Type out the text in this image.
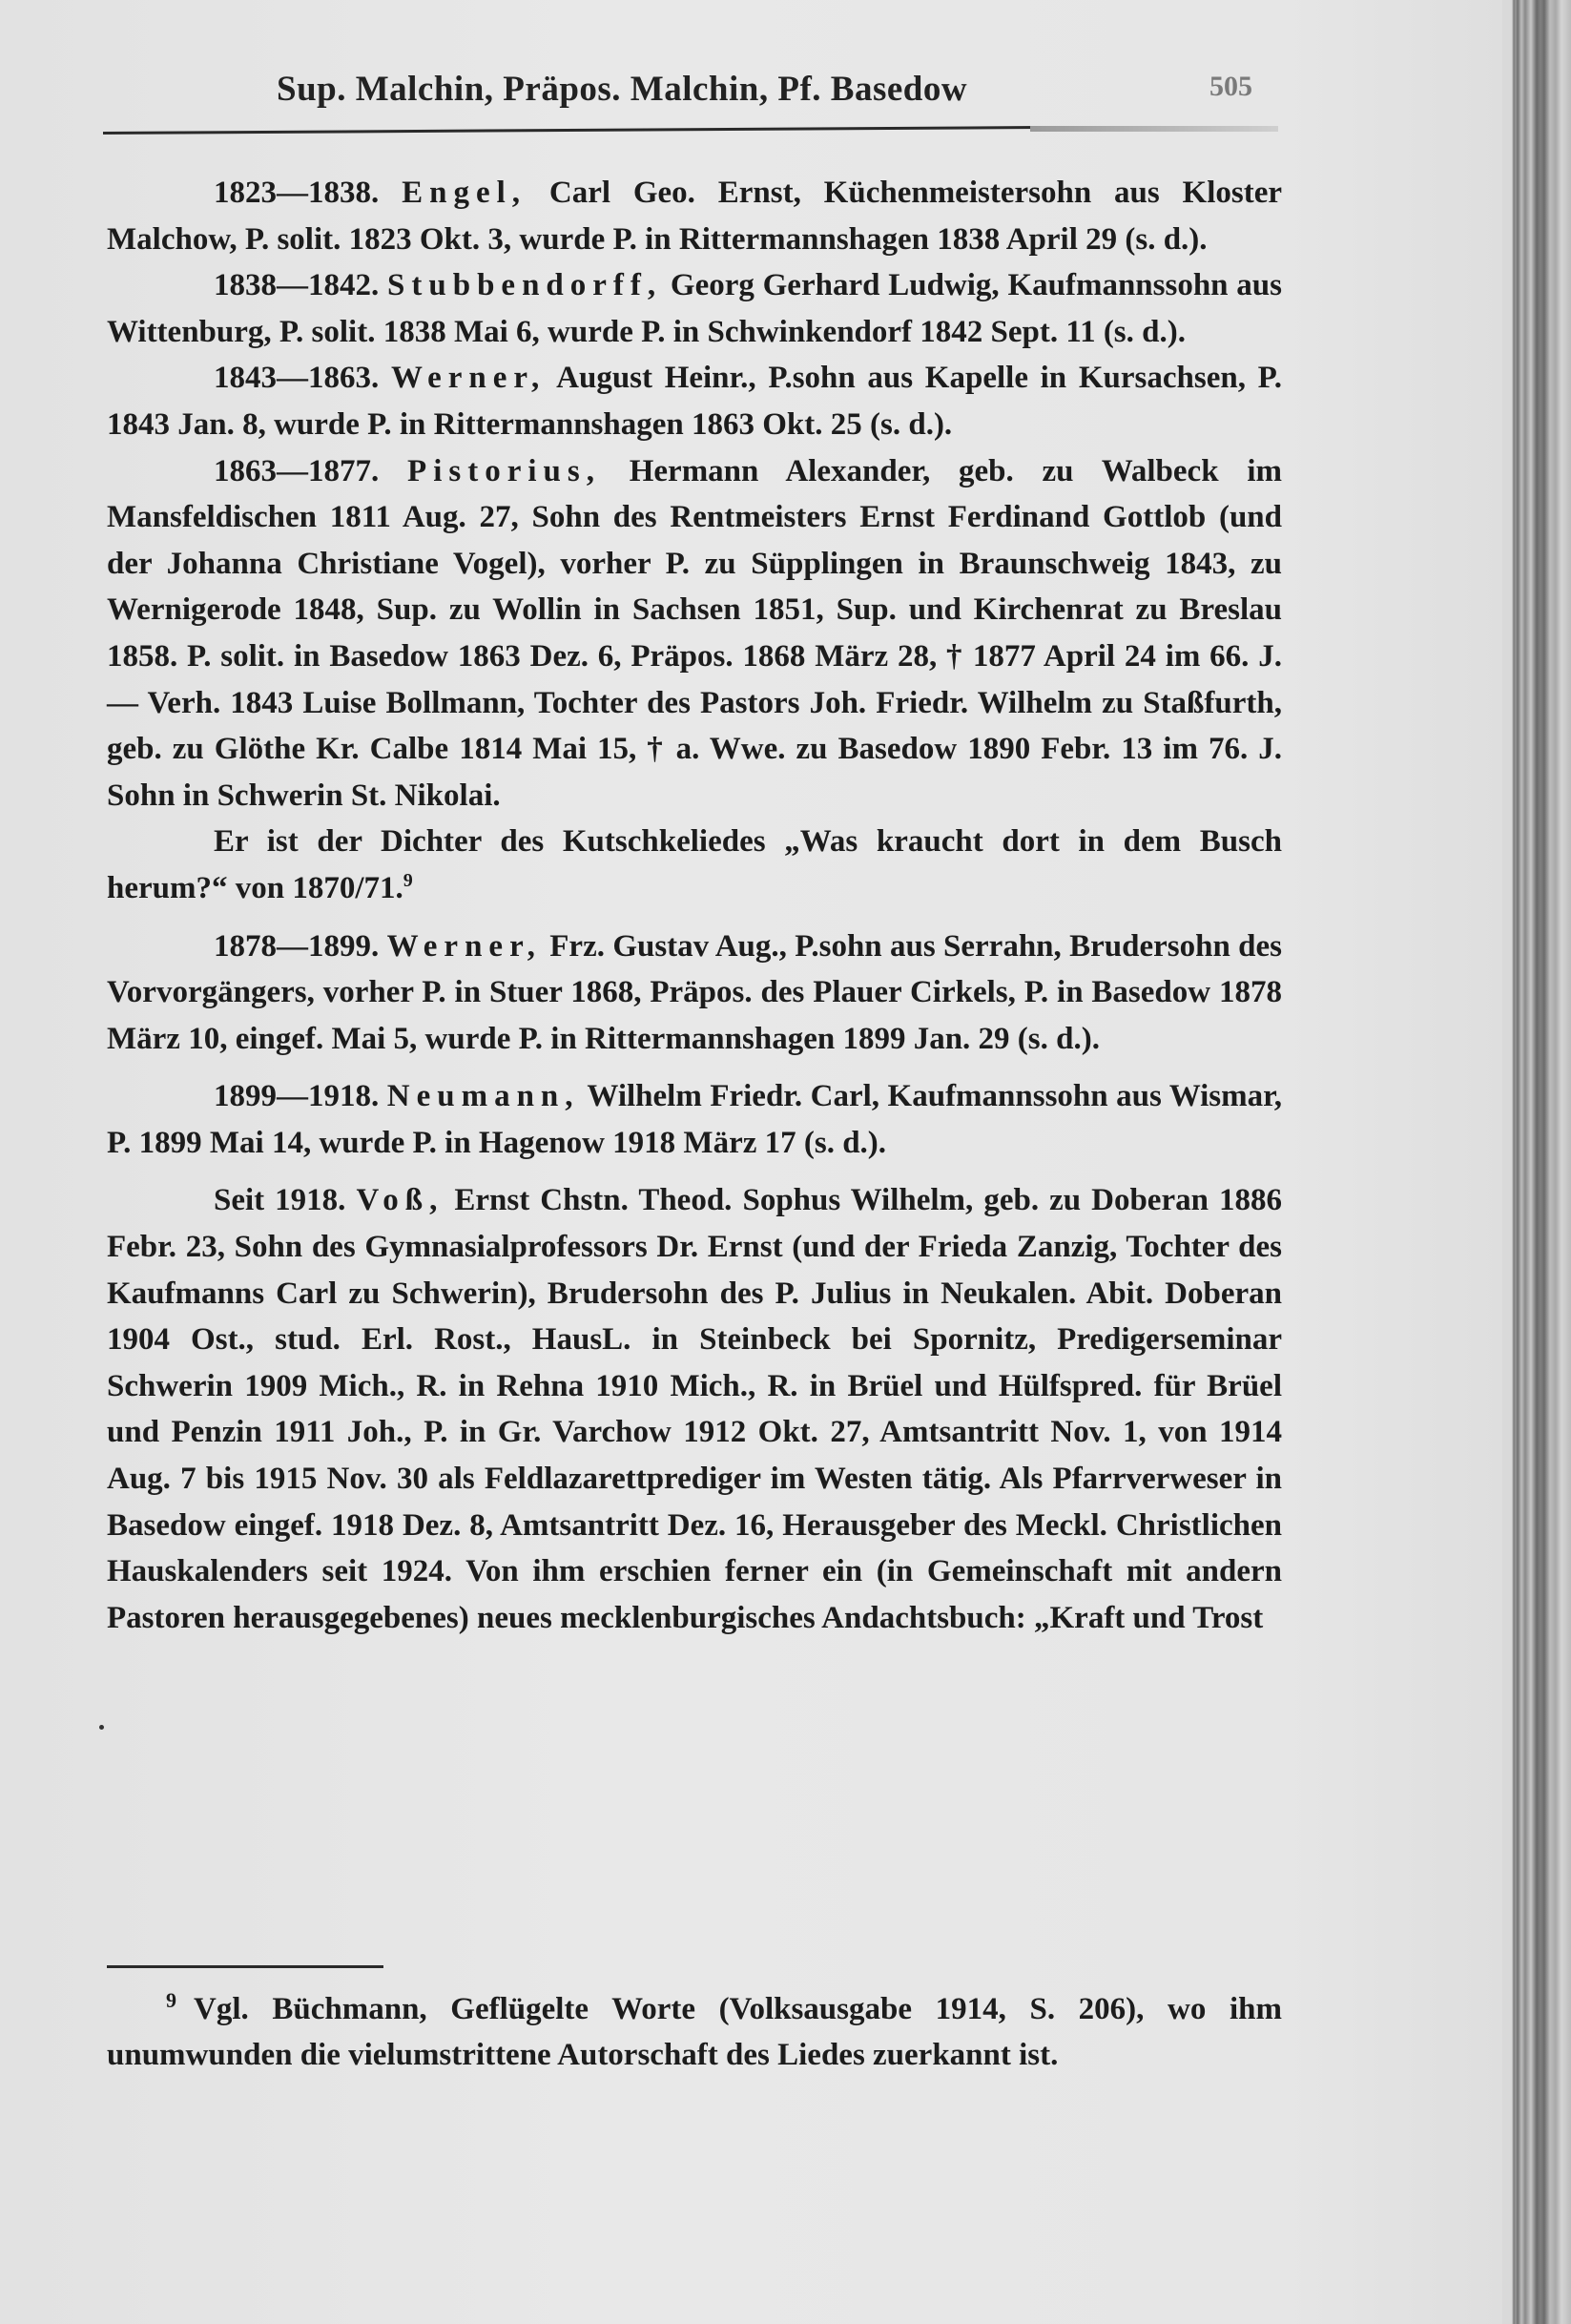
Sup. Malchin, Präpos. Malchin, Pf. Basedow	505

1823—1838. Engel, Carl Geo. Ernst, Küchenmeistersohn aus Kloster Malchow, P. solit. 1823 Okt. 3, wurde P. in Rittermannshagen 1838 April 29 (s. d.).

1838—1842. Stubbendorff, Georg Gerhard Ludwig, Kaufmannssohn aus Wittenburg, P. solit. 1838 Mai 6, wurde P. in Schwinkendorf 1842 Sept. 11 (s. d.).

1843—1863. Werner, August Heinr., P.sohn aus Kapelle in Kursachsen, P. 1843 Jan. 8, wurde P. in Rittermannshagen 1863 Okt. 25 (s. d.).

1863—1877. Pistorius, Hermann Alexander, geb. zu Walbeck im Mansfeldischen 1811 Aug. 27, Sohn des Rentmeisters Ernst Ferdinand Gottlob (und der Johanna Christiane Vogel), vorher P. zu Süpplingen in Braunschweig 1843, zu Wernigerode 1848, Sup. zu Wollin in Sachsen 1851, Sup. und Kirchenrat zu Breslau 1858. P. solit. in Basedow 1863 Dez. 6, Präpos. 1868 März 28, † 1877 April 24 im 66. J. — Verh. 1843 Luise Bollmann, Tochter des Pastors Joh. Friedr. Wilhelm zu Staßfurth, geb. zu Glöthe Kr. Calbe 1814 Mai 15, † a. Wwe. zu Basedow 1890 Febr. 13 im 76. J. Sohn in Schwerin St. Nikolai.

Er ist der Dichter des Kutschkeliedes „Was kraucht dort in dem Busch herum?“ von 1870/71.$^9$

1878—1899. Werner, Frz. Gustav Aug., P.sohn aus Serrahn, Brudersohn des Vorvorgängers, vorher P. in Stuer 1868, Präpos. des Plauer Cirkels, P. in Basedow 1878 März 10, eingef. Mai 5, wurde P. in Rittermannshagen 1899 Jan. 29 (s. d.).

1899—1918. Neumann, Wilhelm Friedr. Carl, Kaufmannssohn aus Wismar, P. 1899 Mai 14, wurde P. in Hagenow 1918 März 17 (s. d.).

Seit 1918. Voß, Ernst Chstn. Theod. Sophus Wilhelm, geb. zu Doberan 1886 Febr. 23, Sohn des Gymnasialprofessors Dr. Ernst (und der Frieda Zanzig, Tochter des Kaufmanns Carl zu Schwerin), Brudersohn des P. Julius in Neukalen. Abit. Doberan 1904 Ost., stud. Erl. Rost., HausL. in Steinbeck bei Spornitz, Predigerseminar Schwerin 1909 Mich., R. in Rehna 1910 Mich., R. in Brüel und Hülfspred. für Brüel und Penzin 1911 Joh., P. in Gr. Varchow 1912 Okt. 27, Amtsantritt Nov. 1, von 1914 Aug. 7 bis 1915 Nov. 30 als Feldlazarettprediger im Westen tätig. Als Pfarrverweser in Basedow eingef. 1918 Dez. 8, Amtsantritt Dez. 16, Herausgeber des Meckl. Christlichen Hauskalenders seit 1924. Von ihm erschien ferner ein (in Gemeinschaft mit andern Pastoren herausgegebenes) neues mecklenburgisches Andachtsbuch: „Kraft und Trost

$^9$ Vgl. Büchmann, Geflügelte Worte (Volksausgabe 1914, S. 206), wo ihm unumwunden die vielumstrittene Autorschaft des Liedes zuerkannt ist.
